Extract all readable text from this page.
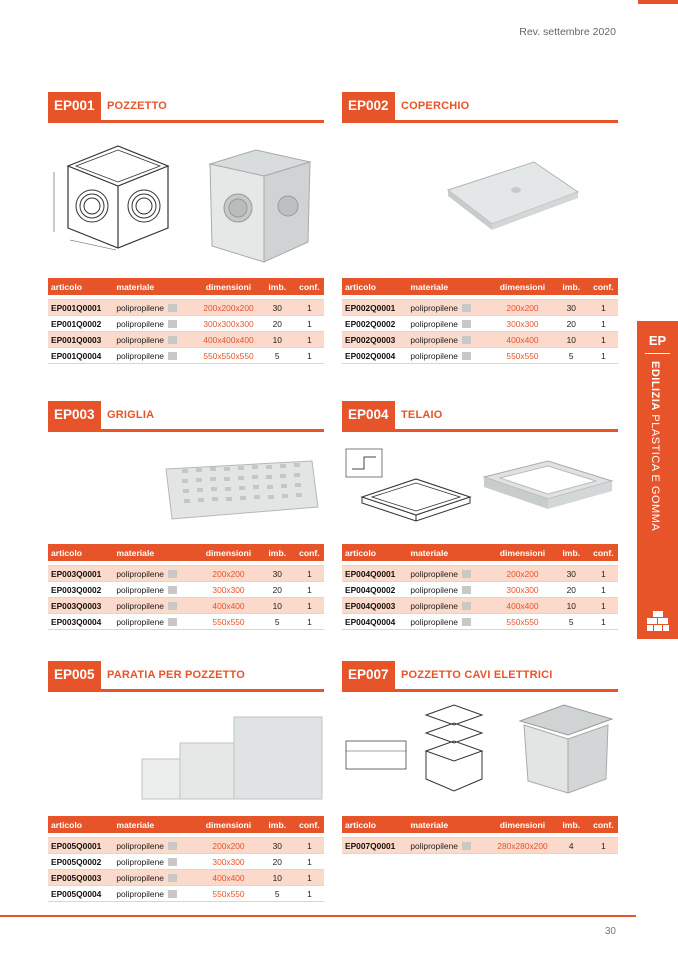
Rev. settembre 2020
EP001	POZZETTO
articolo	materiale	dimensioni	imb.	conf.

EP001Q0001	polipropilene	200x200x200	30	1
EP001Q0002	polipropilene	300x300x300	20	1
EP001Q0003	polipropilene	400x400x400	10	1
EP001Q0004	polipropilene	550x550x550	5	1
EP002	COPERCHIO
articolo	materiale	dimensioni	imb.	conf.

EP002Q0001	polipropilene	200x200	30	1
EP002Q0002	polipropilene	300x300	20	1
EP002Q0003	polipropilene	400x400	10	1
EP002Q0004	polipropilene	550x550	5	1
EP003	GRIGLIA
articolo	materiale	dimensioni	imb.	conf.

EP003Q0001	polipropilene	200x200	30	1
EP003Q0002	polipropilene	300x300	20	1
EP003Q0003	polipropilene	400x400	10	1
EP003Q0004	polipropilene	550x550	5	1
EP004	TELAIO
articolo	materiale	dimensioni	imb.	conf.

EP004Q0001	polipropilene	200x200	30	1
EP004Q0002	polipropilene	300x300	20	1
EP004Q0003	polipropilene	400x400	10	1
EP004Q0004	polipropilene	550x550	5	1
EP005	PARATIA PER POZZETTO
articolo	materiale	dimensioni	imb.	conf.

EP005Q0001	polipropilene	200x200	30	1
EP005Q0002	polipropilene	300x300	20	1
EP005Q0003	polipropilene	400x400	10	1
EP005Q0004	polipropilene	550x550	5	1
EP007	POZZETTO CAVI ELETTRICI
articolo	materiale	dimensioni	imb.	conf.

EP007Q0001	polipropilene	280x280x200	4	1
EP
EDILIZIA PLASTICA E GOMMA
30
